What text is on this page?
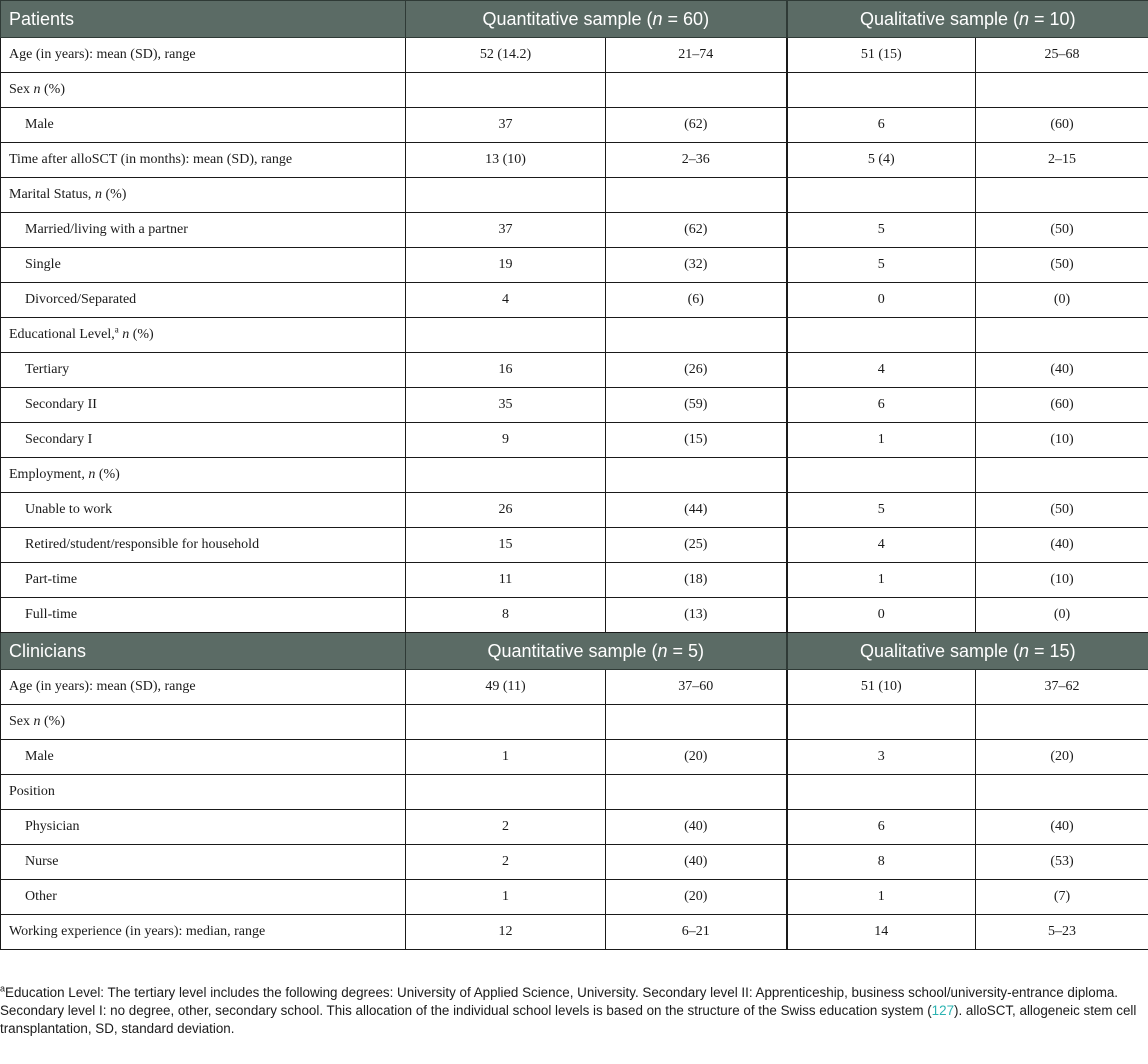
Patients	Quantitative sample (n = 60)		Qualitative sample (n = 10)	
Age (in years): mean (SD), range	52 (14.2)	21–74	51 (15)	25–68
Sex n (%)				
Male	37	(62)	6	(60)
Time after alloSCT (in months): mean (SD), range	13 (10)	2–36	5 (4)	2–15
Marital Status, n (%)				
Married/living with a partner	37	(62)	5	(50)
Single	19	(32)	5	(50)
Divorced/Separated	4	(6)	0	(0)
Educational Level,$^a$ n (%)				
Tertiary	16	(26)	4	(40)
Secondary II	35	(59)	6	(60)
Secondary I	9	(15)	1	(10)
Employment, n (%)				
Unable to work	26	(44)	5	(50)
Retired/student/responsible for household	15	(25)	4	(40)
Part-time	11	(18)	1	(10)
Full-time	8	(13)	0	(0)
Clinicians	Quantitative sample (n = 5)		Qualitative sample (n = 15)	
Age (in years): mean (SD), range	49 (11)	37–60	51 (10)	37–62
Sex n (%)				
Male	1	(20)	3	(20)
Position				
Physician	2	(40)	6	(40)
Nurse	2	(40)	8	(53)
Other	1	(20)	1	(7)
Working experience (in years): median, range	12	6–21	14	5–23

$^a$Education Level: The tertiary level includes the following degrees: University of Applied Science, University. Secondary level II: Apprenticeship, business school/university-entrance diploma.

Secondary level I: no degree, other, secondary school. This allocation of the individual school levels is based on the structure of the Swiss education system (127). alloSCT, allogeneic stem cell transplantation, SD, standard deviation.
